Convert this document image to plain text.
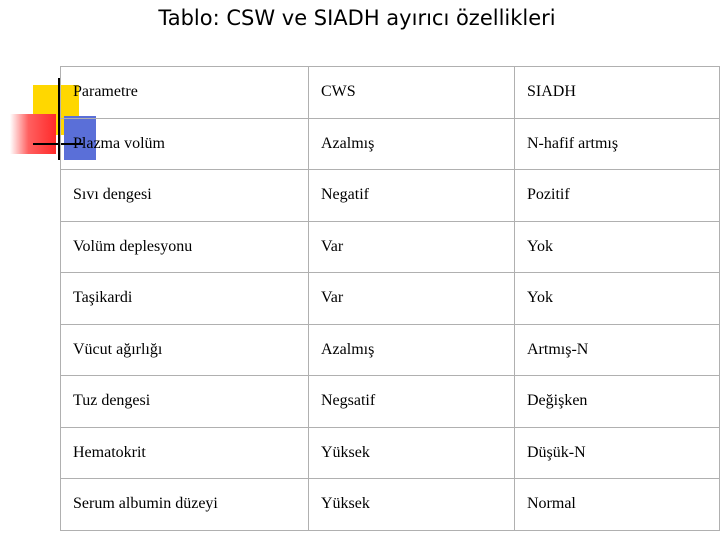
Tablo: CSW ve SIADH ayırıcı özellikleri
Parametre	CWS	SIADH
Plazma volüm	Azalmış	N-hafif artmış
Sıvı dengesi	Negatif	Pozitif
Volüm deplesyonu	Var	Yok
Taşikardi	Var	Yok
Vücut ağırlığı	Azalmış	Artmış-N
Tuz dengesi	Negsatif	Değişken
Hematokrit	Yüksek	Düşük-N
Serum albumin düzeyi	Yüksek	Normal
